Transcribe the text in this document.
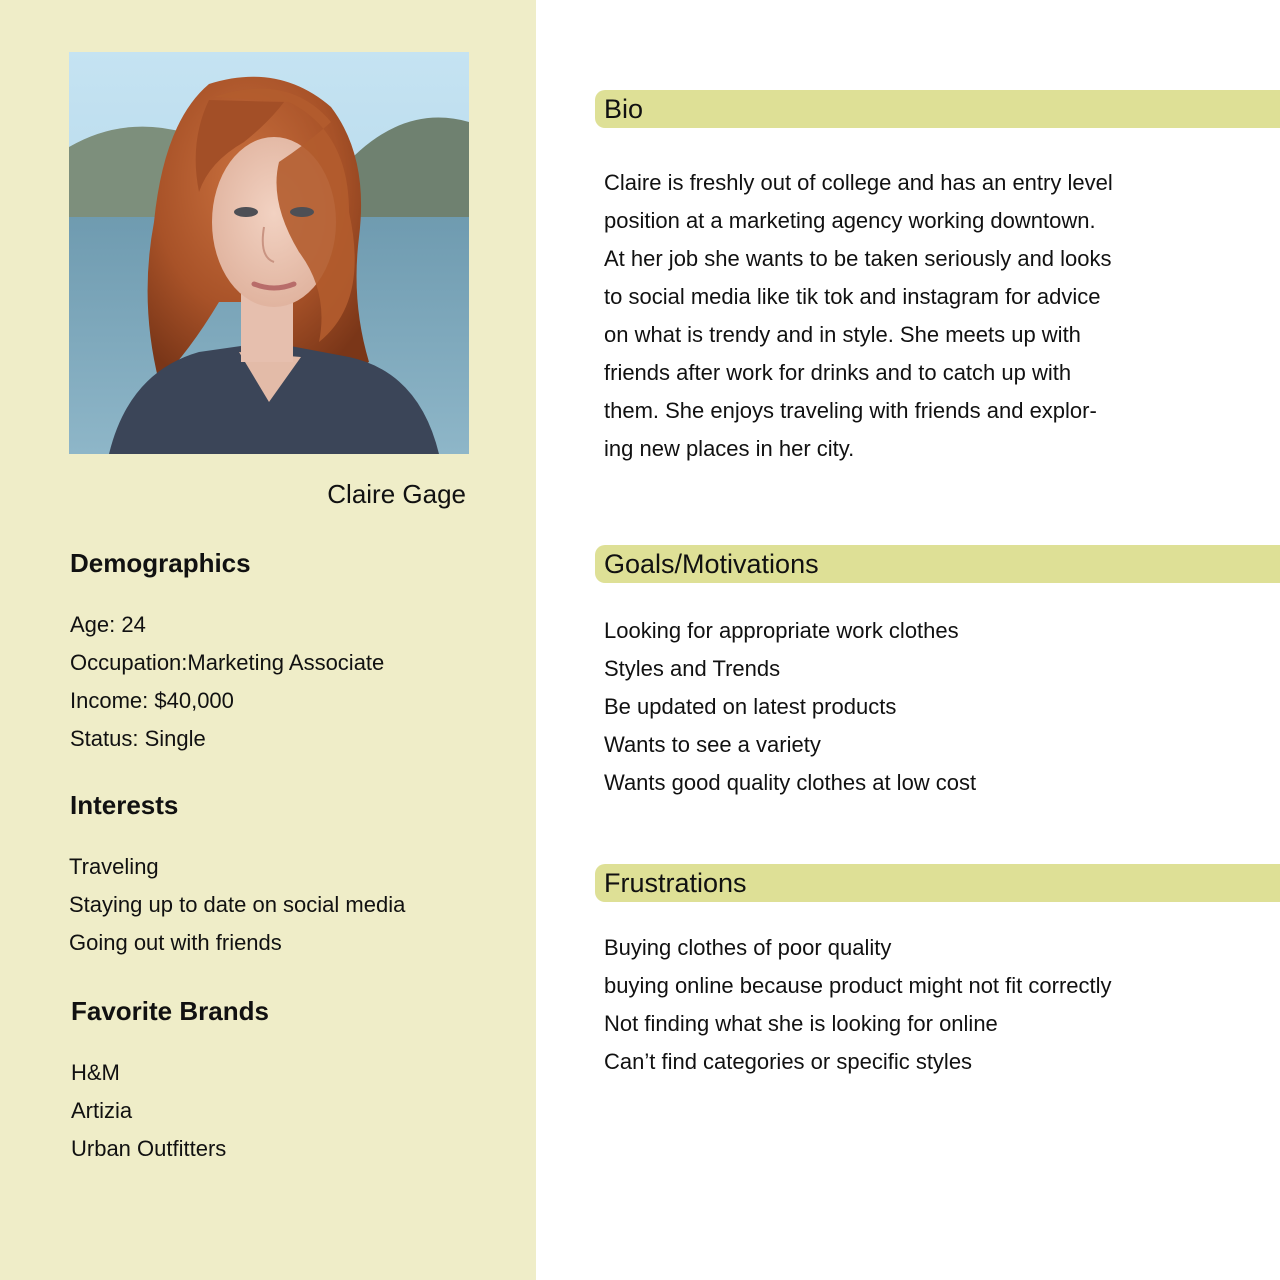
Claire Gage
Demographics
Age: 24
Occupation:Marketing Associate
Income: $40,000
Status: Single
Interests
Traveling
Staying up to date on social media
Going out with friends
Favorite Brands
H&M
Artizia
Urban Outfitters
Bio

Claire is freshly out of college and has an entry level
position at a marketing agency working downtown.
At her job she wants to be taken seriously and looks
to social media like tik tok and instagram for advice
on what is trendy and in style. She meets up with
friends after work for drinks and to catch up with
them. She enjoys traveling with friends and explor-
ing new places in her city.

Goals/Motivations
Looking for appropriate work clothes
Styles and Trends
Be updated on latest products
Wants to see a variety
Wants good quality clothes at low cost
Frustrations
Buying clothes of poor quality
buying online because product might not fit correctly
Not finding what she is looking for online
Can’t find categories or specific styles
